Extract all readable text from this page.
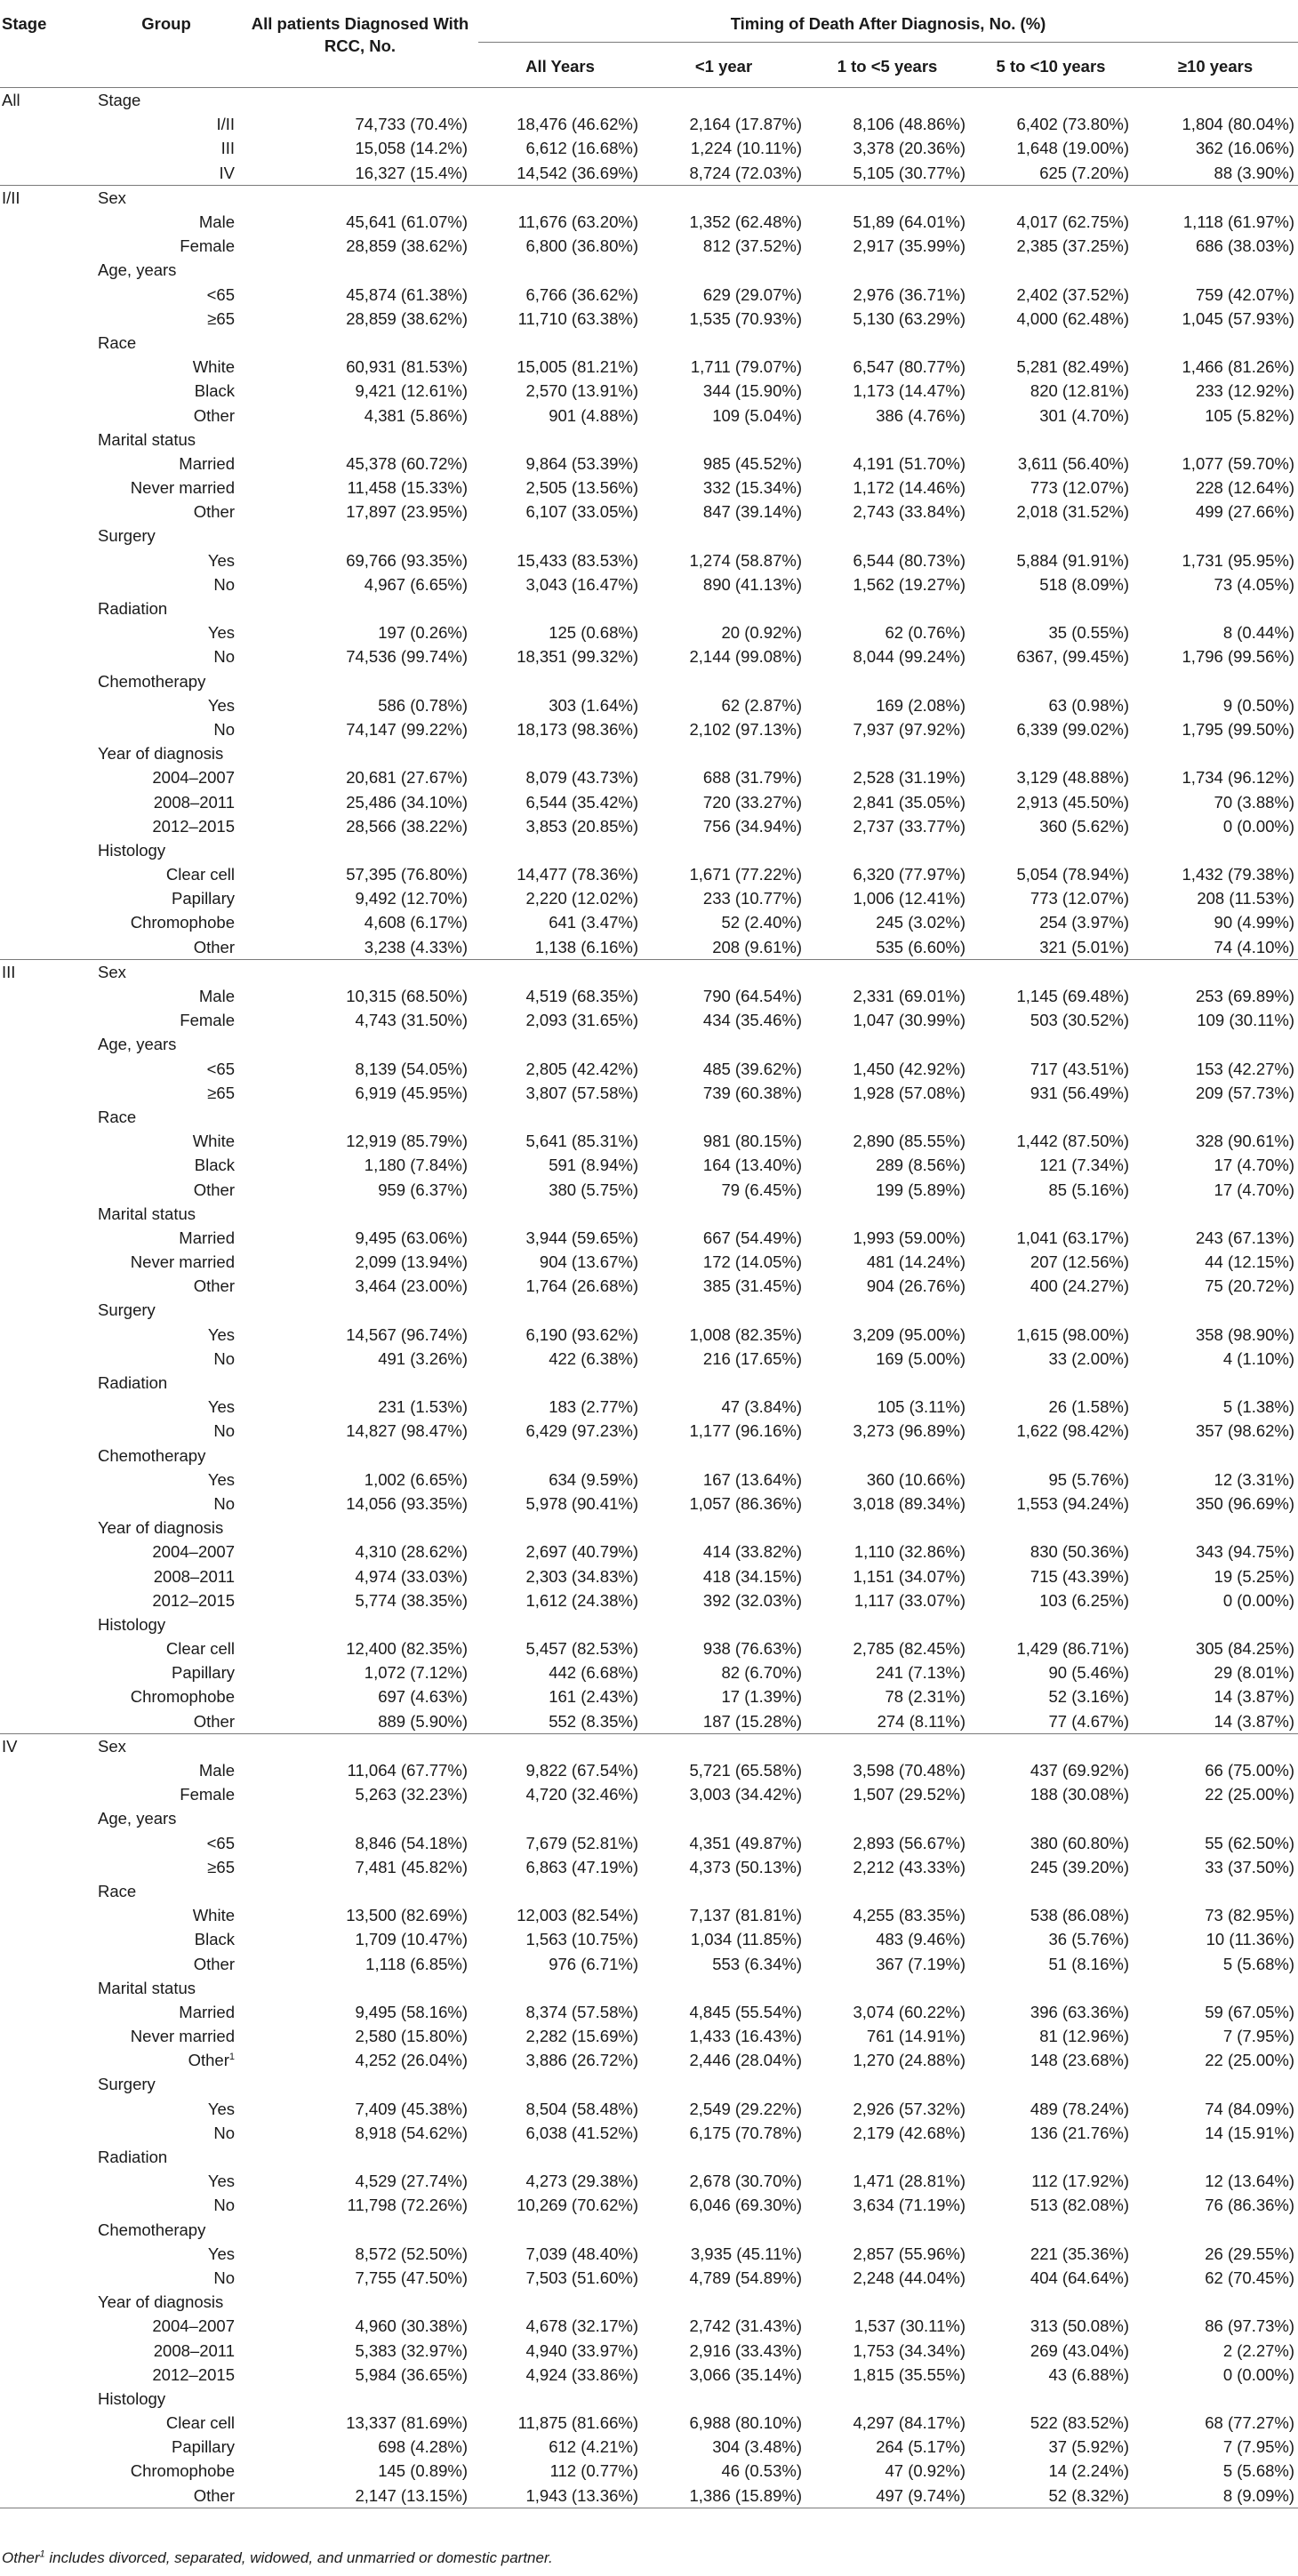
Stage	Group	All patients Diagnosed With RCC, No.	Timing of Death After Diagnosis, No. (%)				
			All Years	<1 year	1 to <5 years	5 to <10 years	≥10 years
All	Stage						
	I/II	74,733 (70.4%)	18,476 (46.62%)	2,164 (17.87%)	8,106 (48.86%)	6,402 (73.80%)	1,804 (80.04%)
	III	15,058 (14.2%)	6,612 (16.68%)	1,224 (10.11%)	3,378 (20.36%)	1,648 (19.00%)	362 (16.06%)
	IV	16,327 (15.4%)	14,542 (36.69%)	8,724 (72.03%)	5,105 (30.77%)	625 (7.20%)	88 (3.90%)
I/II	Sex						
	Male	45,641 (61.07%)	11,676 (63.20%)	1,352 (62.48%)	51,89 (64.01%)	4,017 (62.75%)	1,118 (61.97%)
	Female	28,859 (38.62%)	6,800 (36.80%)	812 (37.52%)	2,917 (35.99%)	2,385 (37.25%)	686 (38.03%)
	Age, years						
	<65	45,874 (61.38%)	6,766 (36.62%)	629 (29.07%)	2,976 (36.71%)	2,402 (37.52%)	759 (42.07%)
	≥65	28,859 (38.62%)	11,710 (63.38%)	1,535 (70.93%)	5,130 (63.29%)	4,000 (62.48%)	1,045 (57.93%)
	Race						
	White	60,931 (81.53%)	15,005 (81.21%)	1,711 (79.07%)	6,547 (80.77%)	5,281 (82.49%)	1,466 (81.26%)
	Black	9,421 (12.61%)	2,570 (13.91%)	344 (15.90%)	1,173 (14.47%)	820 (12.81%)	233 (12.92%)
	Other	4,381 (5.86%)	901 (4.88%)	109 (5.04%)	386 (4.76%)	301 (4.70%)	105 (5.82%)
	Marital status						
	Married	45,378 (60.72%)	9,864 (53.39%)	985 (45.52%)	4,191 (51.70%)	3,611 (56.40%)	1,077 (59.70%)
	Never married	11,458 (15.33%)	2,505 (13.56%)	332 (15.34%)	1,172 (14.46%)	773 (12.07%)	228 (12.64%)
	Other	17,897 (23.95%)	6,107 (33.05%)	847 (39.14%)	2,743 (33.84%)	2,018 (31.52%)	499 (27.66%)
	Surgery						
	Yes	69,766 (93.35%)	15,433 (83.53%)	1,274 (58.87%)	6,544 (80.73%)	5,884 (91.91%)	1,731 (95.95%)
	No	4,967 (6.65%)	3,043 (16.47%)	890 (41.13%)	1,562 (19.27%)	518 (8.09%)	73 (4.05%)
	Radiation						
	Yes	197 (0.26%)	125 (0.68%)	20 (0.92%)	62 (0.76%)	35 (0.55%)	8 (0.44%)
	No	74,536 (99.74%)	18,351 (99.32%)	2,144 (99.08%)	8,044 (99.24%)	6367, (99.45%)	1,796 (99.56%)
	Chemotherapy						
	Yes	586 (0.78%)	303 (1.64%)	62 (2.87%)	169 (2.08%)	63 (0.98%)	9 (0.50%)
	No	74,147 (99.22%)	18,173 (98.36%)	2,102 (97.13%)	7,937 (97.92%)	6,339 (99.02%)	1,795 (99.50%)
	Year of diagnosis						
	2004–2007	20,681 (27.67%)	8,079 (43.73%)	688 (31.79%)	2,528 (31.19%)	3,129 (48.88%)	1,734 (96.12%)
	2008–2011	25,486 (34.10%)	6,544 (35.42%)	720 (33.27%)	2,841 (35.05%)	2,913 (45.50%)	70 (3.88%)
	2012–2015	28,566 (38.22%)	3,853 (20.85%)	756 (34.94%)	2,737 (33.77%)	360 (5.62%)	0 (0.00%)
	Histology						
	Clear cell	57,395 (76.80%)	14,477 (78.36%)	1,671 (77.22%)	6,320 (77.97%)	5,054 (78.94%)	1,432 (79.38%)
	Papillary	9,492 (12.70%)	2,220 (12.02%)	233 (10.77%)	1,006 (12.41%)	773 (12.07%)	208 (11.53%)
	Chromophobe	4,608 (6.17%)	641 (3.47%)	52 (2.40%)	245 (3.02%)	254 (3.97%)	90 (4.99%)
	Other	3,238 (4.33%)	1,138 (6.16%)	208 (9.61%)	535 (6.60%)	321 (5.01%)	74 (4.10%)
III	Sex						
	Male	10,315 (68.50%)	4,519 (68.35%)	790 (64.54%)	2,331 (69.01%)	1,145 (69.48%)	253 (69.89%)
	Female	4,743 (31.50%)	2,093 (31.65%)	434 (35.46%)	1,047 (30.99%)	503 (30.52%)	109 (30.11%)
	Age, years						
	<65	8,139 (54.05%)	2,805 (42.42%)	485 (39.62%)	1,450 (42.92%)	717 (43.51%)	153 (42.27%)
	≥65	6,919 (45.95%)	3,807 (57.58%)	739 (60.38%)	1,928 (57.08%)	931 (56.49%)	209 (57.73%)
	Race						
	White	12,919 (85.79%)	5,641 (85.31%)	981 (80.15%)	2,890 (85.55%)	1,442 (87.50%)	328 (90.61%)
	Black	1,180 (7.84%)	591 (8.94%)	164 (13.40%)	289 (8.56%)	121 (7.34%)	17 (4.70%)
	Other	959 (6.37%)	380 (5.75%)	79 (6.45%)	199 (5.89%)	85 (5.16%)	17 (4.70%)
	Marital status						
	Married	9,495 (63.06%)	3,944 (59.65%)	667 (54.49%)	1,993 (59.00%)	1,041 (63.17%)	243 (67.13%)
	Never married	2,099 (13.94%)	904 (13.67%)	172 (14.05%)	481 (14.24%)	207 (12.56%)	44 (12.15%)
	Other	3,464 (23.00%)	1,764 (26.68%)	385 (31.45%)	904 (26.76%)	400 (24.27%)	75 (20.72%)
	Surgery						
	Yes	14,567 (96.74%)	6,190 (93.62%)	1,008 (82.35%)	3,209 (95.00%)	1,615 (98.00%)	358 (98.90%)
	No	491 (3.26%)	422 (6.38%)	216 (17.65%)	169 (5.00%)	33 (2.00%)	4 (1.10%)
	Radiation						
	Yes	231 (1.53%)	183 (2.77%)	47 (3.84%)	105 (3.11%)	26 (1.58%)	5 (1.38%)
	No	14,827 (98.47%)	6,429 (97.23%)	1,177 (96.16%)	3,273 (96.89%)	1,622 (98.42%)	357 (98.62%)
	Chemotherapy						
	Yes	1,002 (6.65%)	634 (9.59%)	167 (13.64%)	360 (10.66%)	95 (5.76%)	12 (3.31%)
	No	14,056 (93.35%)	5,978 (90.41%)	1,057 (86.36%)	3,018 (89.34%)	1,553 (94.24%)	350 (96.69%)
	Year of diagnosis						
	2004–2007	4,310 (28.62%)	2,697 (40.79%)	414 (33.82%)	1,110 (32.86%)	830 (50.36%)	343 (94.75%)
	2008–2011	4,974 (33.03%)	2,303 (34.83%)	418 (34.15%)	1,151 (34.07%)	715 (43.39%)	19 (5.25%)
	2012–2015	5,774 (38.35%)	1,612 (24.38%)	392 (32.03%)	1,117 (33.07%)	103 (6.25%)	0 (0.00%)
	Histology						
	Clear cell	12,400 (82.35%)	5,457 (82.53%)	938 (76.63%)	2,785 (82.45%)	1,429 (86.71%)	305 (84.25%)
	Papillary	1,072 (7.12%)	442 (6.68%)	82 (6.70%)	241 (7.13%)	90 (5.46%)	29 (8.01%)
	Chromophobe	697 (4.63%)	161 (2.43%)	17 (1.39%)	78 (2.31%)	52 (3.16%)	14 (3.87%)
	Other	889 (5.90%)	552 (8.35%)	187 (15.28%)	274 (8.11%)	77 (4.67%)	14 (3.87%)
IV	Sex						
	Male	11,064 (67.77%)	9,822 (67.54%)	5,721 (65.58%)	3,598 (70.48%)	437 (69.92%)	66 (75.00%)
	Female	5,263 (32.23%)	4,720 (32.46%)	3,003 (34.42%)	1,507 (29.52%)	188 (30.08%)	22 (25.00%)
	Age, years						
	<65	8,846 (54.18%)	7,679 (52.81%)	4,351 (49.87%)	2,893 (56.67%)	380 (60.80%)	55 (62.50%)
	≥65	7,481 (45.82%)	6,863 (47.19%)	4,373 (50.13%)	2,212 (43.33%)	245 (39.20%)	33 (37.50%)
	Race						
	White	13,500 (82.69%)	12,003 (82.54%)	7,137 (81.81%)	4,255 (83.35%)	538 (86.08%)	73 (82.95%)
	Black	1,709 (10.47%)	1,563 (10.75%)	1,034 (11.85%)	483 (9.46%)	36 (5.76%)	10 (11.36%)
	Other	1,118 (6.85%)	976 (6.71%)	553 (6.34%)	367 (7.19%)	51 (8.16%)	5 (5.68%)
	Marital status						
	Married	9,495 (58.16%)	8,374 (57.58%)	4,845 (55.54%)	3,074 (60.22%)	396 (63.36%)	59 (67.05%)
	Never married	2,580 (15.80%)	2,282 (15.69%)	1,433 (16.43%)	761 (14.91%)	81 (12.96%)	7 (7.95%)
	Other$^1$	4,252 (26.04%)	3,886 (26.72%)	2,446 (28.04%)	1,270 (24.88%)	148 (23.68%)	22 (25.00%)
	Surgery						
	Yes	7,409 (45.38%)	8,504 (58.48%)	2,549 (29.22%)	2,926 (57.32%)	489 (78.24%)	74 (84.09%)
	No	8,918 (54.62%)	6,038 (41.52%)	6,175 (70.78%)	2,179 (42.68%)	136 (21.76%)	14 (15.91%)
	Radiation						
	Yes	4,529 (27.74%)	4,273 (29.38%)	2,678 (30.70%)	1,471 (28.81%)	112 (17.92%)	12 (13.64%)
	No	11,798 (72.26%)	10,269 (70.62%)	6,046 (69.30%)	3,634 (71.19%)	513 (82.08%)	76 (86.36%)
	Chemotherapy						
	Yes	8,572 (52.50%)	7,039 (48.40%)	3,935 (45.11%)	2,857 (55.96%)	221 (35.36%)	26 (29.55%)
	No	7,755 (47.50%)	7,503 (51.60%)	4,789 (54.89%)	2,248 (44.04%)	404 (64.64%)	62 (70.45%)
	Year of diagnosis						
	2004–2007	4,960 (30.38%)	4,678 (32.17%)	2,742 (31.43%)	1,537 (30.11%)	313 (50.08%)	86 (97.73%)
	2008–2011	5,383 (32.97%)	4,940 (33.97%)	2,916 (33.43%)	1,753 (34.34%)	269 (43.04%)	2 (2.27%)
	2012–2015	5,984 (36.65%)	4,924 (33.86%)	3,066 (35.14%)	1,815 (35.55%)	43 (6.88%)	0 (0.00%)
	Histology						
	Clear cell	13,337 (81.69%)	11,875 (81.66%)	6,988 (80.10%)	4,297 (84.17%)	522 (83.52%)	68 (77.27%)
	Papillary	698 (4.28%)	612 (4.21%)	304 (3.48%)	264 (5.17%)	37 (5.92%)	7 (7.95%)
	Chromophobe	145 (0.89%)	112 (0.77%)	46 (0.53%)	47 (0.92%)	14 (2.24%)	5 (5.68%)
	Other	2,147 (13.15%)	1,943 (13.36%)	1,386 (15.89%)	497 (9.74%)	52 (8.32%)	8 (9.09%)
Other$^1$ includes divorced, separated, widowed, and unmarried or domestic partner.
